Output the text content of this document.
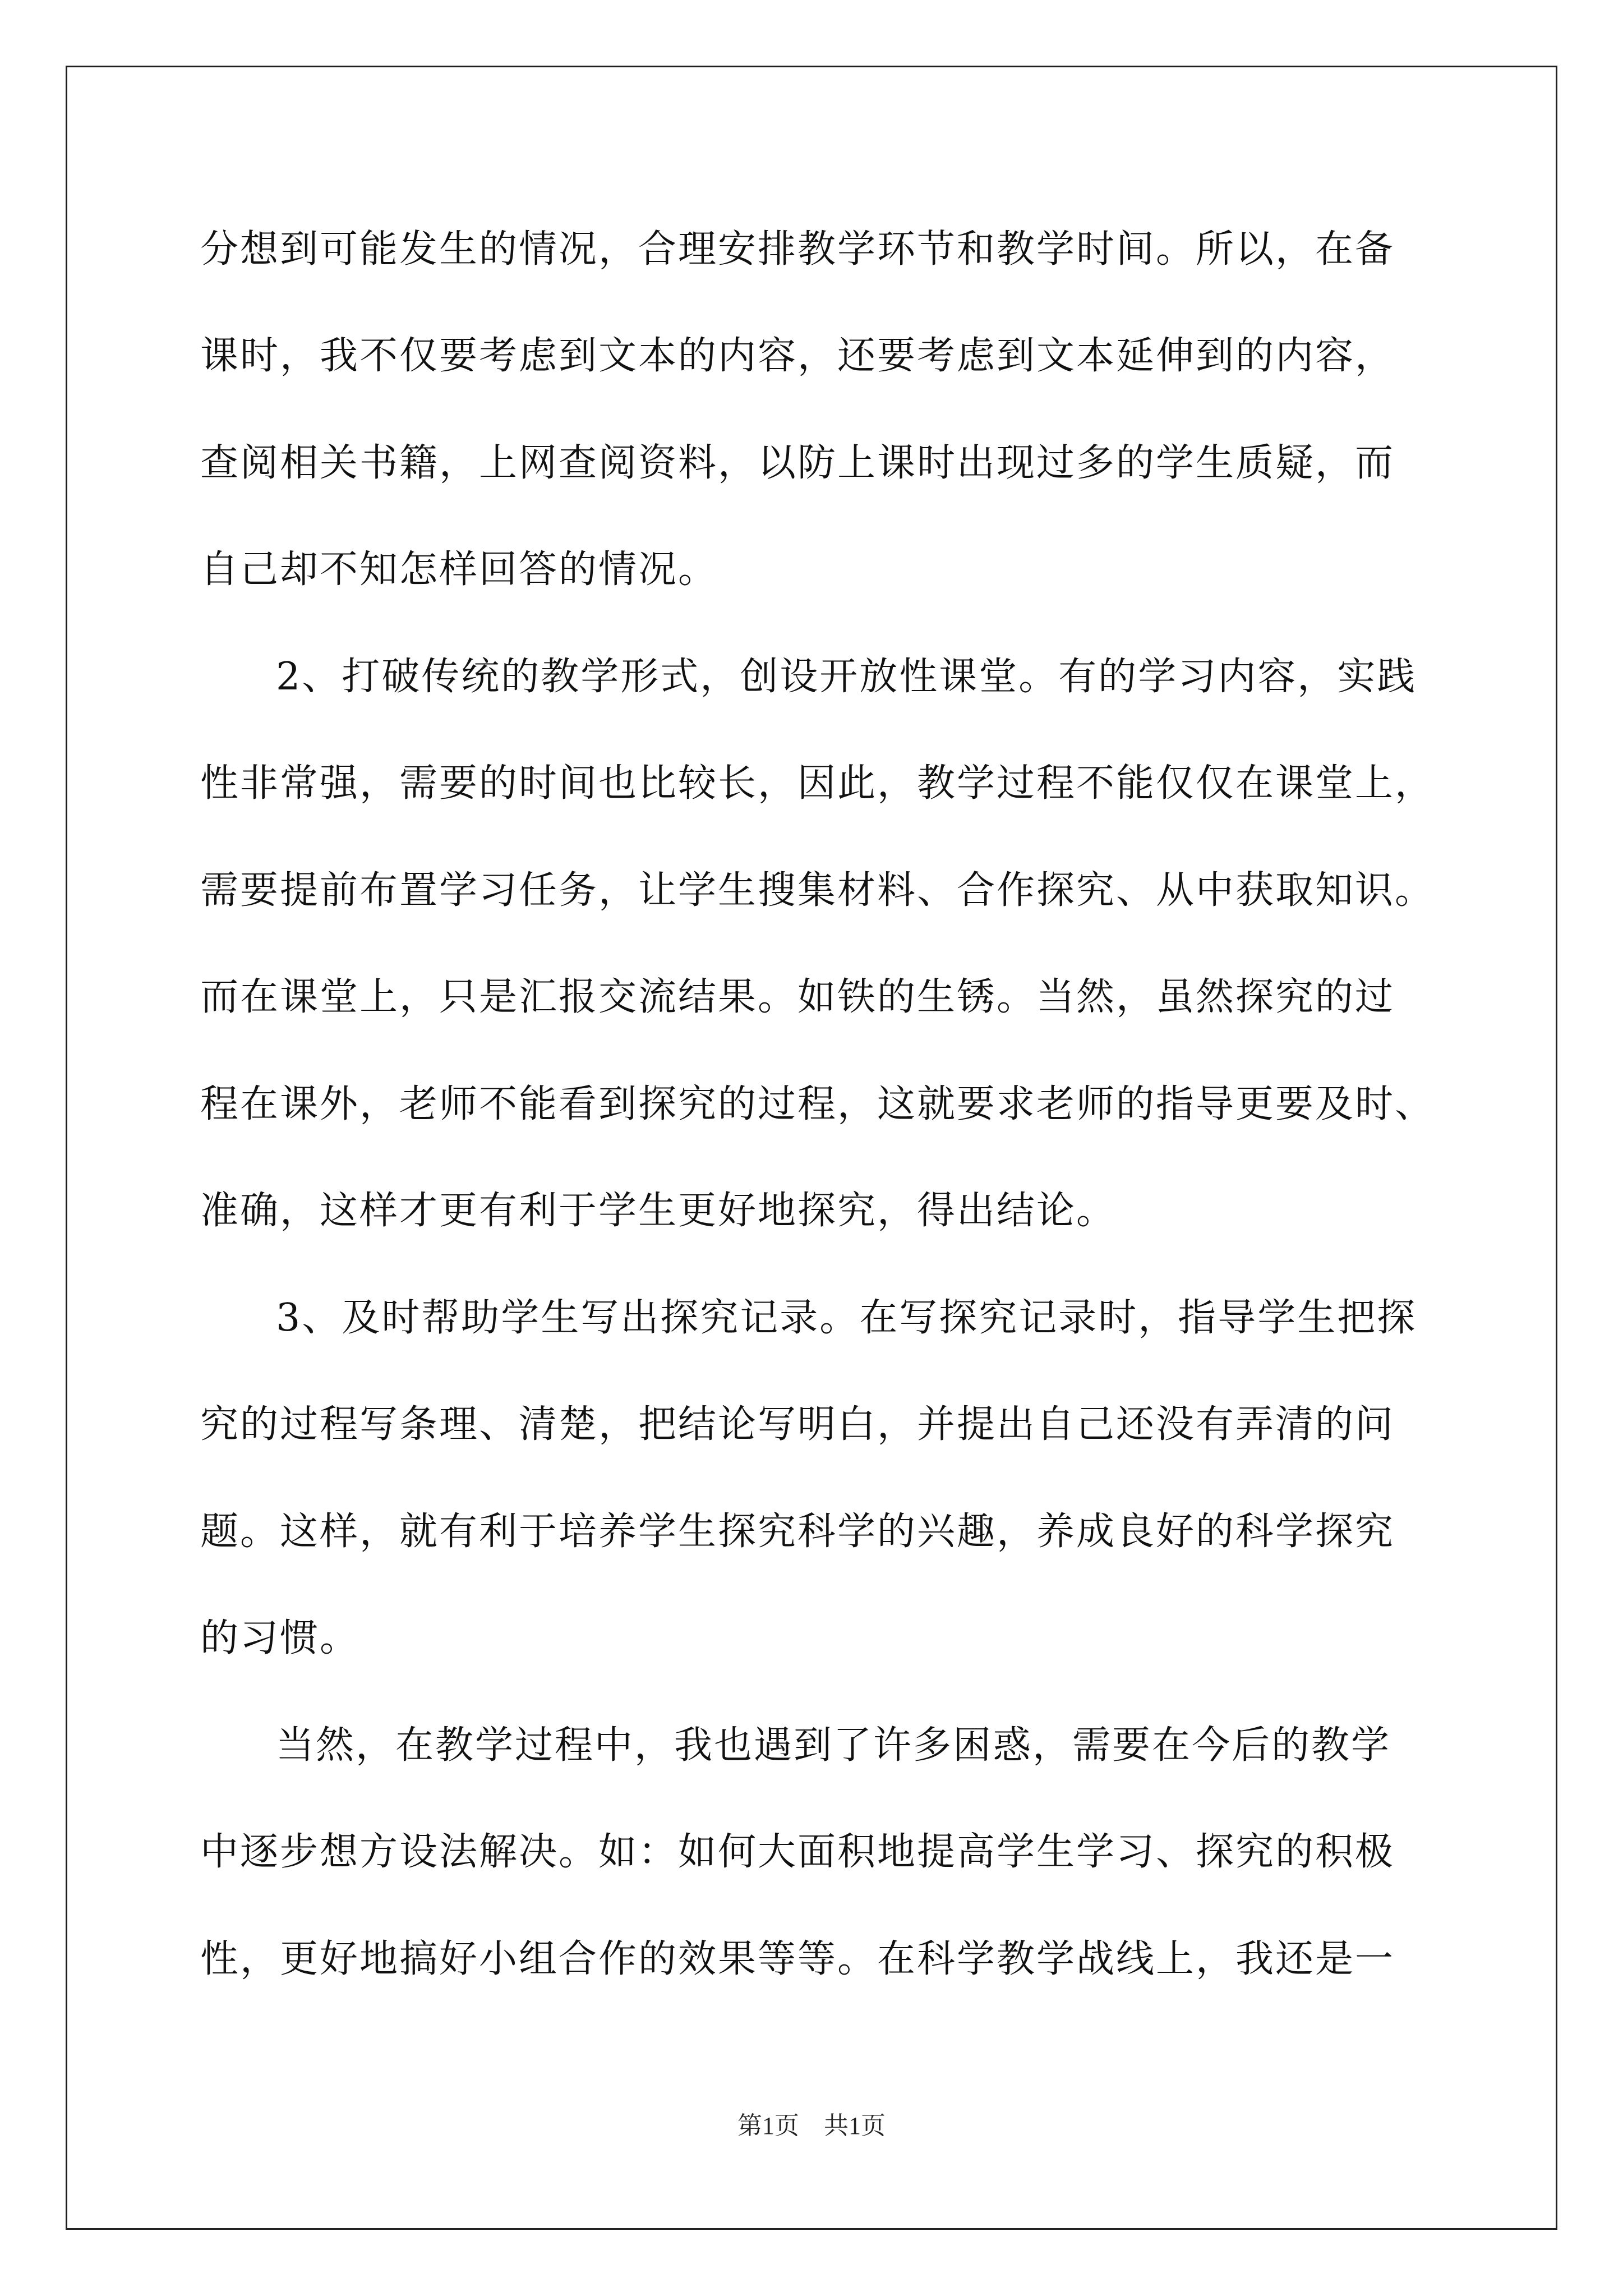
分想到可能发生的情况，合理安排教学环节和教学时间。所以，在备
课时，我不仅要考虑到文本的内容，还要考虑到文本延伸到的内容，
查阅相关书籍，上网查阅资料，以防上课时出现过多的学生质疑，而
自己却不知怎样回答的情况。
2、打破传统的教学形式，创设开放性课堂。有的学习内容，实践
性非常强，需要的时间也比较长，因此，教学过程不能仅仅在课堂上，
需要提前布置学习任务，让学生搜集材料、合作探究、从中获取知识。
而在课堂上，只是汇报交流结果。如铁的生锈。当然，虽然探究的过
程在课外，老师不能看到探究的过程，这就要求老师的指导更要及时、
准确，这样才更有利于学生更好地探究，得出结论。
3、及时帮助学生写出探究记录。在写探究记录时，指导学生把探
究的过程写条理、清楚，把结论写明白，并提出自己还没有弄清的问
题。这样，就有利于培养学生探究科学的兴趣，养成良好的科学探究
的习惯。
当然，在教学过程中，我也遇到了许多困惑，需要在今后的教学
中逐步想方设法解决。如：如何大面积地提高学生学习、探究的积极
性，更好地搞好小组合作的效果等等。在科学教学战线上，我还是一
第1页　共1页
